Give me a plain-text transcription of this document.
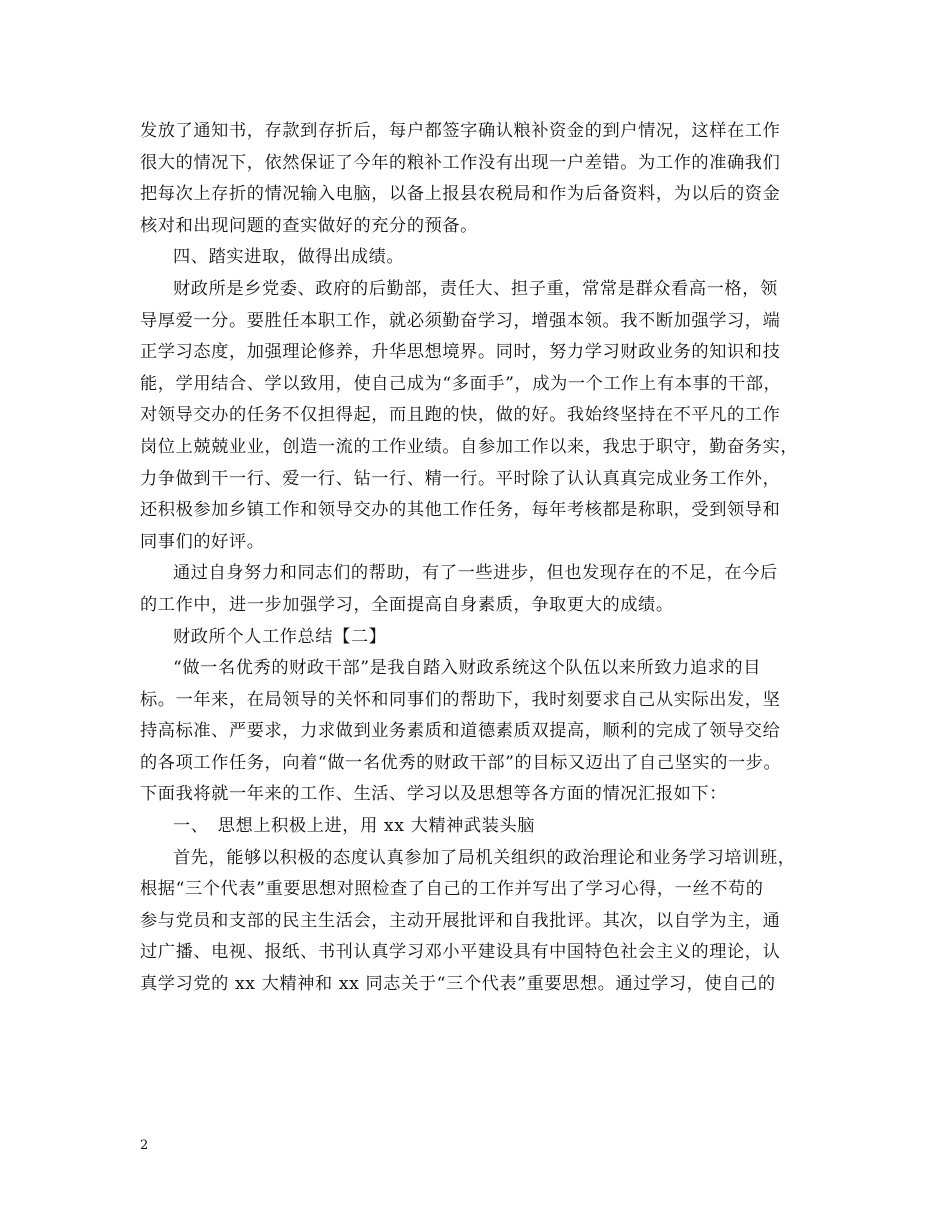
发放了通知书，存款到存折后，每户都签字确认粮补资金的到户情况，这样在工作
很大的情况下，依然保证了今年的粮补工作没有出现一户差错。为工作的准确我们
把每次上存折的情况输入电脑，以备上报县农税局和作为后备资料，为以后的资金
核对和出现问题的查实做好的充分的预备。
四、踏实进取，做得出成绩。
财政所是乡党委、政府的后勤部，责任大、担子重，常常是群众看高一格，领
导厚爱一分。要胜任本职工作，就必须勤奋学习，增强本领。我不断加强学习，端
正学习态度，加强理论修养，升华思想境界。同时，努力学习财政业务的知识和技
能，学用结合、学以致用，使自己成为“多面手”，成为一个工作上有本事的干部，
对领导交办的任务不仅担得起，而且跑的快，做的好。我始终坚持在不平凡的工作
岗位上兢兢业业，创造一流的工作业绩。自参加工作以来，我忠于职守，勤奋务实，
力争做到干一行、爱一行、钻一行、精一行。平时除了认认真真完成业务工作外，
还积极参加乡镇工作和领导交办的其他工作任务，每年考核都是称职，受到领导和
同事们的好评。
通过自身努力和同志们的帮助，有了一些进步，但也发现存在的不足，在今后
的工作中，进一步加强学习，全面提高自身素质，争取更大的成绩。
财政所个人工作总结【二】
“做一名优秀的财政干部”是我自踏入财政系统这个队伍以来所致力追求的目
标。一年来，在局领导的关怀和同事们的帮助下，我时刻要求自己从实际出发，坚
持高标准、严要求，力求做到业务素质和道德素质双提高，顺利的完成了领导交给
的各项工作任务，向着“做一名优秀的财政干部”的目标又迈出了自己坚实的一步。
下面我将就一年来的工作、生活、学习以及思想等各方面的情况汇报如下：
一、　思想上积极上进，用 xx 大精神武装头脑
首先，能够以积极的态度认真参加了局机关组织的政治理论和业务学习培训班，
根据“三个代表”重要思想对照检查了自己的工作并写出了学习心得，一丝不苟的
参与党员和支部的民主生活会，主动开展批评和自我批评。其次，以自学为主，通
过广播、电视、报纸、书刊认真学习邓小平建设具有中国特色社会主义的理论，认
真学习党的 xx 大精神和 xx 同志关于“三个代表”重要思想。通过学习，使自己的
2
